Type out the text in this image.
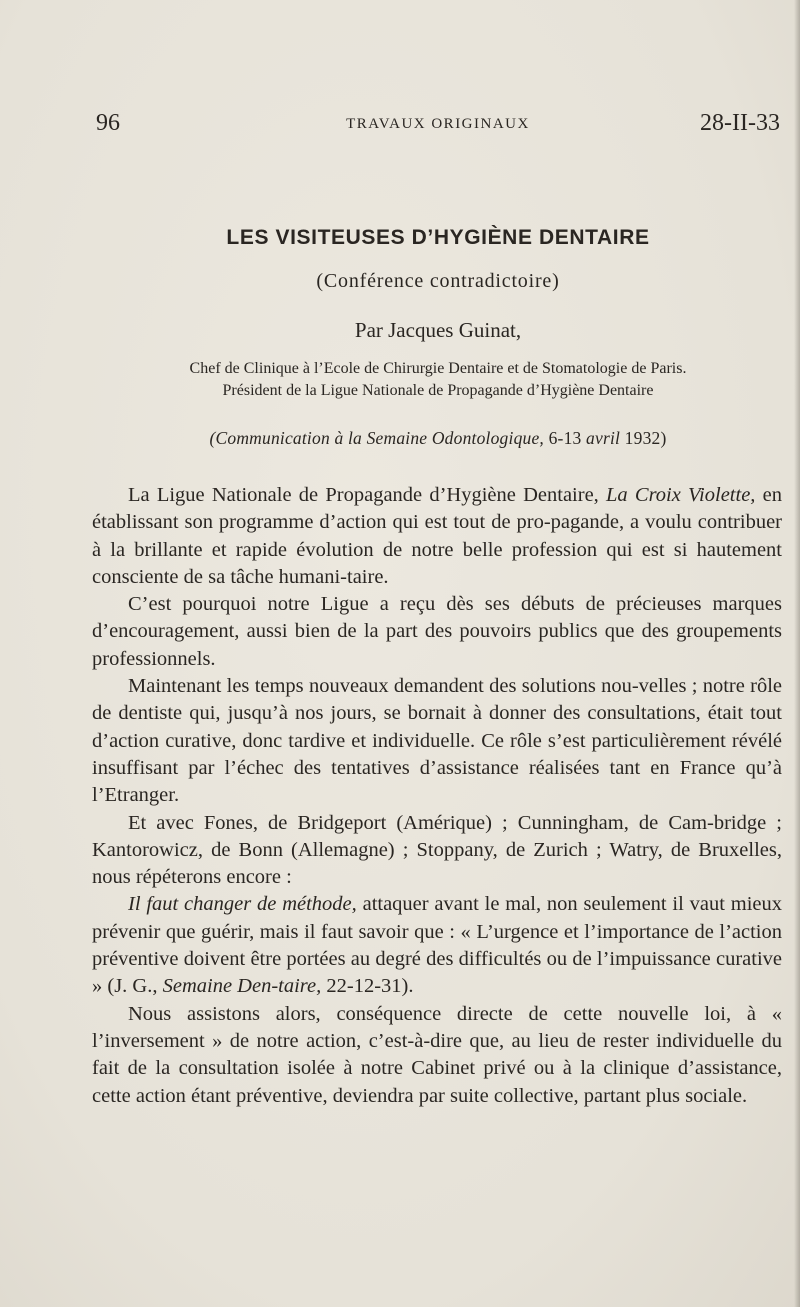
96	TRAVAUX ORIGINAUX	28-II-33
LES VISITEUSES D’HYGIÈNE DENTAIRE
(Conférence contradictoire)
Par Jacques Guinat,
Chef de Clinique à l’Ecole de Chirurgie Dentaire et de Stomatologie de Paris.
Président de la Ligue Nationale de Propagande d’Hygiène Dentaire
(Communication à la Semaine Odontologique, 6-13 avril 1932)

La Ligue Nationale de Propagande d’Hygiène Dentaire, La Croix Violette, en établissant son programme d’action qui est tout de pro-pagande, a voulu contribuer à la brillante et rapide évolution de notre belle profession qui est si hautement consciente de sa tâche humani-taire.

C’est pourquoi notre Ligue a reçu dès ses débuts de précieuses marques d’encouragement, aussi bien de la part des pouvoirs publics que des groupements professionnels.

Maintenant les temps nouveaux demandent des solutions nou-velles ; notre rôle de dentiste qui, jusqu’à nos jours, se bornait à donner des consultations, était tout d’action curative, donc tardive et individuelle. Ce rôle s’est particulièrement révélé insuffisant par l’échec des tentatives d’assistance réalisées tant en France qu’à l’Etranger.

Et avec Fones, de Bridgeport (Amérique) ; Cunningham, de Cam-bridge ; Kantorowicz, de Bonn (Allemagne) ; Stoppany, de Zurich ; Watry, de Bruxelles, nous répéterons encore :

Il faut changer de méthode, attaquer avant le mal, non seulement il vaut mieux prévenir que guérir, mais il faut savoir que : « L’urgence et l’importance de l’action préventive doivent être portées au degré des difficultés ou de l’impuissance curative » (J. G., Semaine Den-taire, 22-12-31).

Nous assistons alors, conséquence directe de cette nouvelle loi, à « l’inversement » de notre action, c’est-à-dire que, au lieu de rester individuelle du fait de la consultation isolée à notre Cabinet privé ou à la clinique d’assistance, cette action étant préventive, deviendra par suite collective, partant plus sociale.
